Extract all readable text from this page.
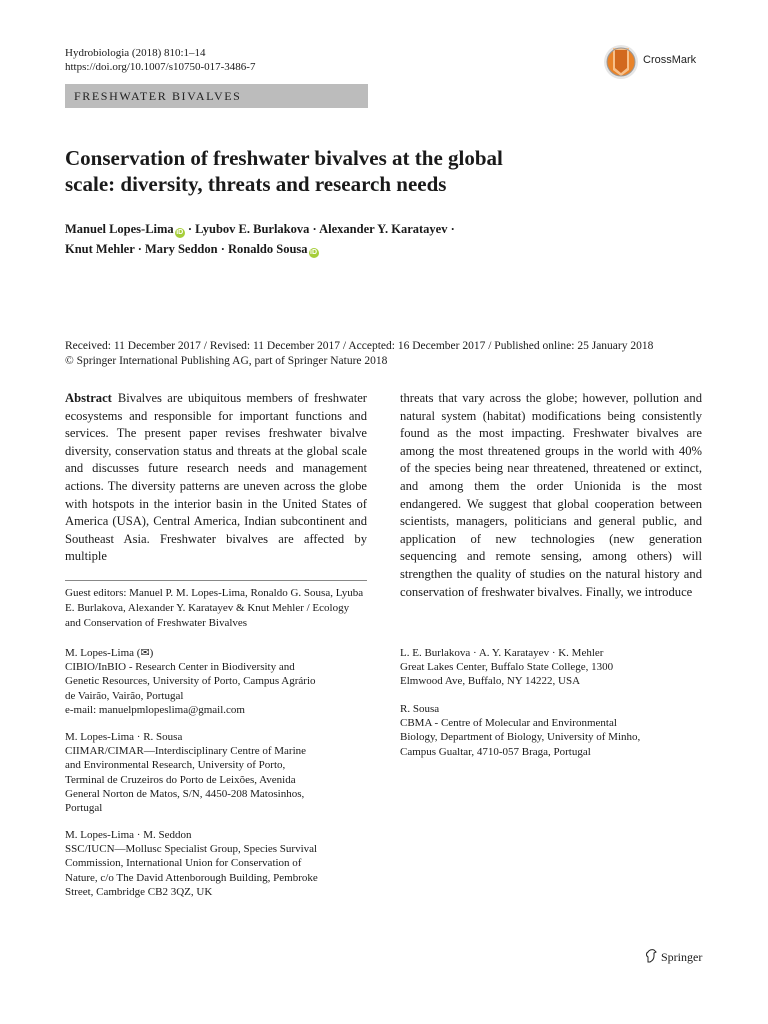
Hydrobiologia (2018) 810:1–14
https://doi.org/10.1007/s10750-017-3486-7
CrossMark
FRESHWATER BIVALVES
Conservation of freshwater bivalves at the global
scale: diversity, threats and research needs
Manuel Lopes-Lima iD · Lyubov E. Burlakova · Alexander Y. Karatayev ·
Knut Mehler · Mary Seddon · Ronaldo Sousa iD
Received: 11 December 2017 / Revised: 11 December 2017 / Accepted: 16 December 2017 / Published online: 25 January 2018
© Springer International Publishing AG, part of Springer Nature 2018
Abstract Bivalves are ubiquitous members of freshwater ecosystems and responsible for important functions and services. The present paper revises freshwater bivalve diversity, conservation status and threats at the global scale and discusses future research needs and management actions. The diversity patterns are uneven across the globe with hotspots in the interior basin in the United States of America (USA), Central America, Indian subcontinent and Southeast Asia. Freshwater bivalves are affected by multiple
threats that vary across the globe; however, pollution and natural system (habitat) modifications being consistently found as the most impacting. Freshwater bivalves are among the most threatened groups in the world with 40% of the species being near threatened, threatened or extinct, and among them the order Unionida is the most endangered. We suggest that global cooperation between scientists, managers, politicians and general public, and application of new technologies (new generation sequencing and remote sensing, among others) will strengthen the quality of studies on the natural history and conservation of freshwater bivalves. Finally, we introduce
Guest editors: Manuel P. M. Lopes-Lima, Ronaldo G. Sousa, Lyuba E. Burlakova, Alexander Y. Karatayev & Knut Mehler / Ecology and Conservation of Freshwater Bivalves
M. Lopes-Lima (✉)
CIBIO/InBIO - Research Center in Biodiversity and
Genetic Resources, University of Porto, Campus Agrário
de Vairão, Vairão, Portugal
e-mail: manuelpmlopeslima@gmail.com
M. Lopes-Lima · R. Sousa
CIIMAR/CIMAR—Interdisciplinary Centre of Marine
and Environmental Research, University of Porto,
Terminal de Cruzeiros do Porto de Leixões, Avenida
General Norton de Matos, S/N, 4450-208 Matosinhos,
Portugal
M. Lopes-Lima · M. Seddon
SSC/IUCN—Mollusc Specialist Group, Species Survival
Commission, International Union for Conservation of
Nature, c/o The David Attenborough Building, Pembroke
Street, Cambridge CB2 3QZ, UK
L. E. Burlakova · A. Y. Karatayev · K. Mehler
Great Lakes Center, Buffalo State College, 1300
Elmwood Ave, Buffalo, NY 14222, USA
R. Sousa
CBMA - Centre of Molecular and Environmental
Biology, Department of Biology, University of Minho,
Campus Gualtar, 4710-057 Braga, Portugal
Springer
